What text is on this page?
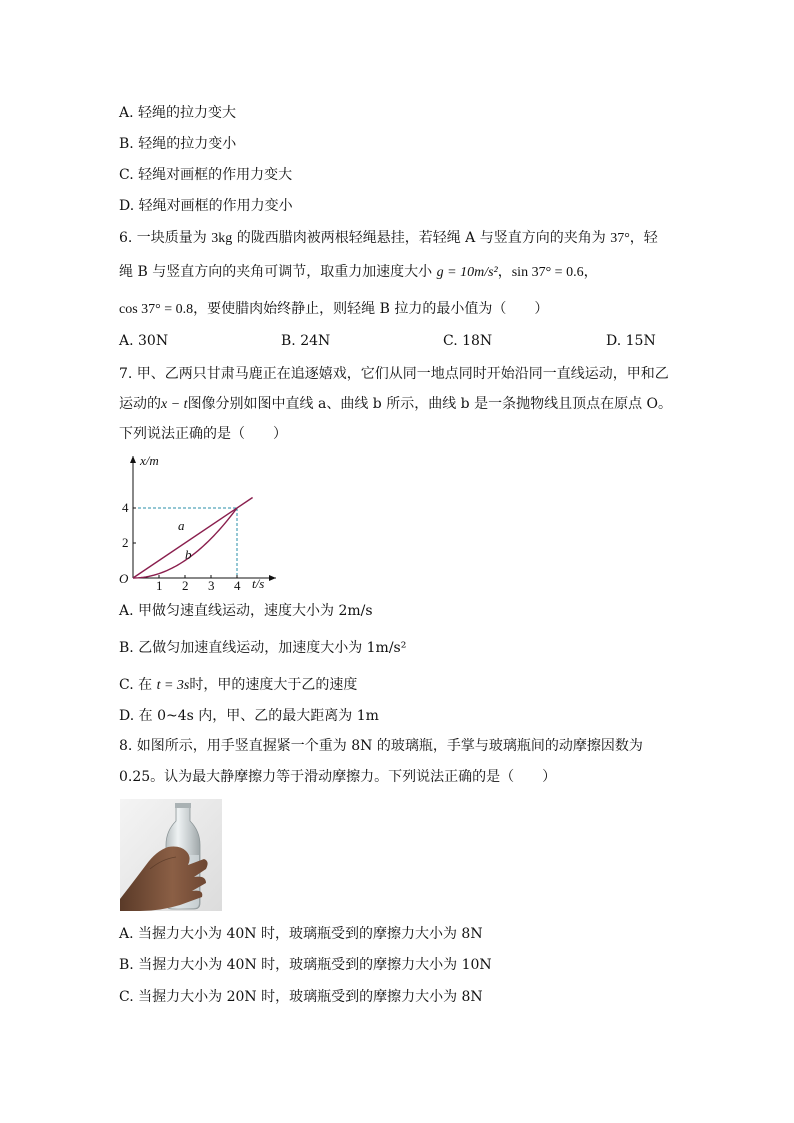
A. 轻绳的拉力变大
B. 轻绳的拉力变小
C. 轻绳对画框的作用力变大
D. 轻绳对画框的作用力变小
6. 一块质量为 3kg 的陇西腊肉被两根轻绳悬挂，若轻绳 A 与竖直方向的夹角为 37°，轻
绳 B 与竖直方向的夹角可调节，取重力加速度大小 g = 10m/s²，sin 37° = 0.6，
cos 37° = 0.8，要使腊肉始终静止，则轻绳 B 拉力的最小值为（　　）
A. 30N	B. 24N	C. 18N	D. 15N
7. 甲、乙两只甘肃马鹿正在追逐嬉戏，它们从同一地点同时开始沿同一直线运动，甲和乙
运动的x − t图像分别如图中直线 a、曲线 b 所示，曲线 b 是一条抛物线且顶点在原点 O。
下列说法正确的是（　　）
1 2 3 4
2
4
x/m
t/s
O
a
b
A. 甲做匀速直线运动，速度大小为 2m/s
B. 乙做匀加速直线运动，加速度大小为 1m/s²
C. 在 t = 3s时，甲的速度大于乙的速度
D. 在 0~4s 内，甲、乙的最大距离为 1m
8. 如图所示，用手竖直握紧一个重为 8N 的玻璃瓶，手掌与玻璃瓶间的动摩擦因数为
0.25。认为最大静摩擦力等于滑动摩擦力。下列说法正确的是（　　）
A. 当握力大小为 40N 时，玻璃瓶受到的摩擦力大小为 8N
B. 当握力大小为 40N 时，玻璃瓶受到的摩擦力大小为 10N
C. 当握力大小为 20N 时，玻璃瓶受到的摩擦力大小为 8N
